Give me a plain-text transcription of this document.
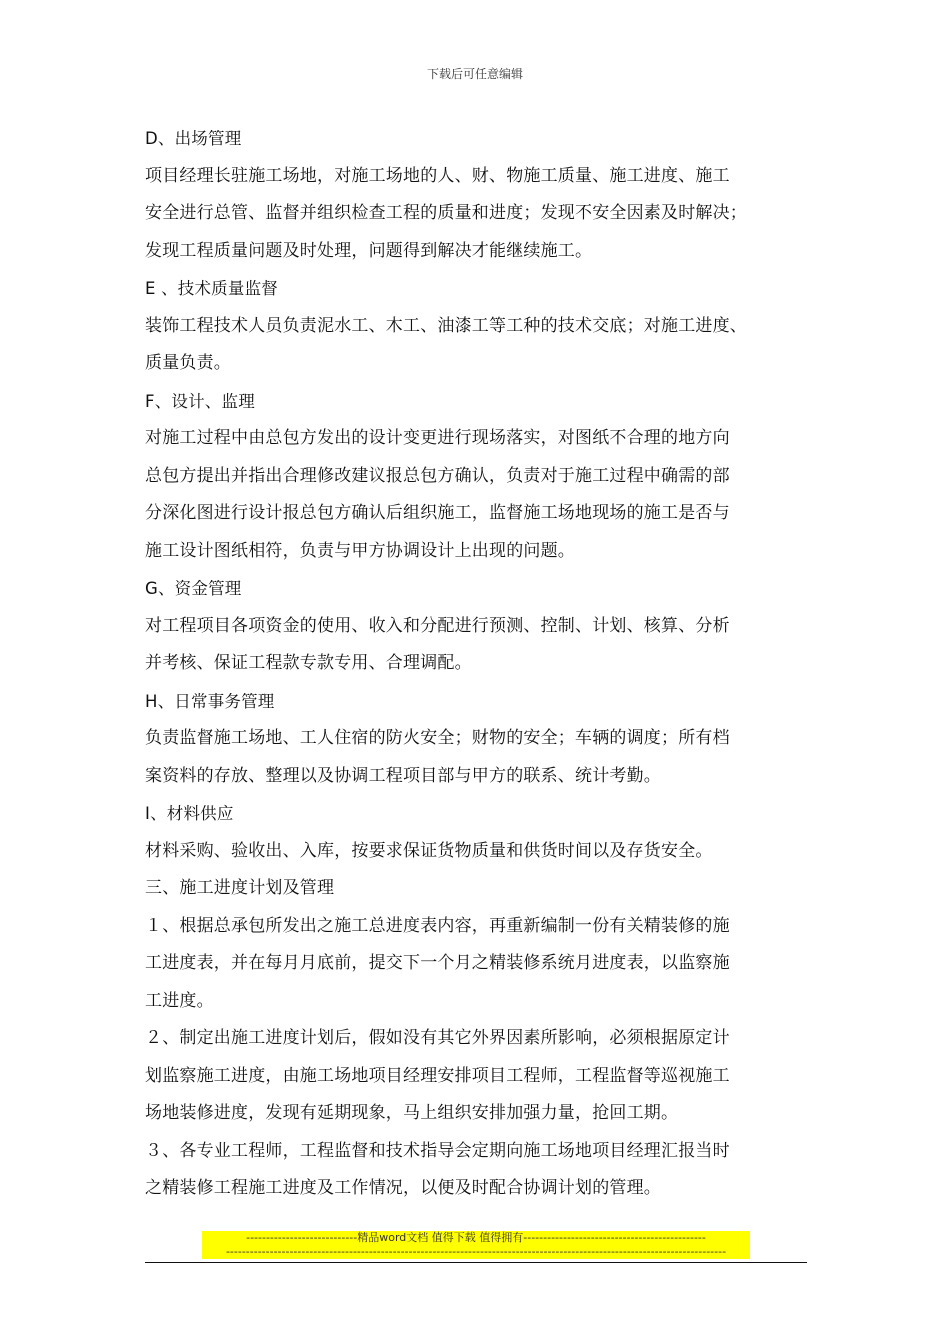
下载后可任意编辑
D、出场管理
项目经理长驻施工场地，对施工场地的人、财、物施工质量、施工进度、施工
安全进行总管、监督并组织检查工程的质量和进度；发现不安全因素及时解决；
发现工程质量问题及时处理，问题得到解决才能继续施工。
E 、技术质量监督
装饰工程技术人员负责泥水工、木工、油漆工等工种的技术交底；对施工进度、
质量负责。
F、设计、监理
对施工过程中由总包方发出的设计变更进行现场落实，对图纸不合理的地方向
总包方提出并指出合理修改建议报总包方确认，负责对于施工过程中确需的部
分深化图进行设计报总包方确认后组织施工，监督施工场地现场的施工是否与
施工设计图纸相符，负责与甲方协调设计上出现的问题。
G、资金管理
对工程项目各项资金的使用、收入和分配进行预测、控制、计划、核算、分析
并考核、保证工程款专款专用、合理调配。
H、日常事务管理
负责监督施工场地、工人住宿的防火安全；财物的安全；车辆的调度；所有档
案资料的存放、整理以及协调工程项目部与甲方的联系、统计考勤。
I、材料供应
材料采购、验收出、入库，按要求保证货物质量和供货时间以及存货安全。
三、施工进度计划及管理
１、根据总承包所发出之施工总进度表内容，再重新编制一份有关精装修的施
工进度表，并在每月月底前，提交下一个月之精装修系统月进度表，以监察施
工进度。
２、制定出施工进度计划后，假如没有其它外界因素所影响，必须根据原定计
划监察施工进度，由施工场地项目经理安排项目工程师，工程监督等巡视施工
场地装修进度，发现有延期现象，马上组织安排加强力量，抢回工期。
３、各专业工程师，工程监督和技术指导会定期向施工场地项目经理汇报当时
之精装修工程施工进度及工作情况，以便及时配合协调计划的管理。
----------------------------精品word文档 值得下载 值得拥有----------------------------------------------
------------------------------------------------------------------------------------------------------------------------------
